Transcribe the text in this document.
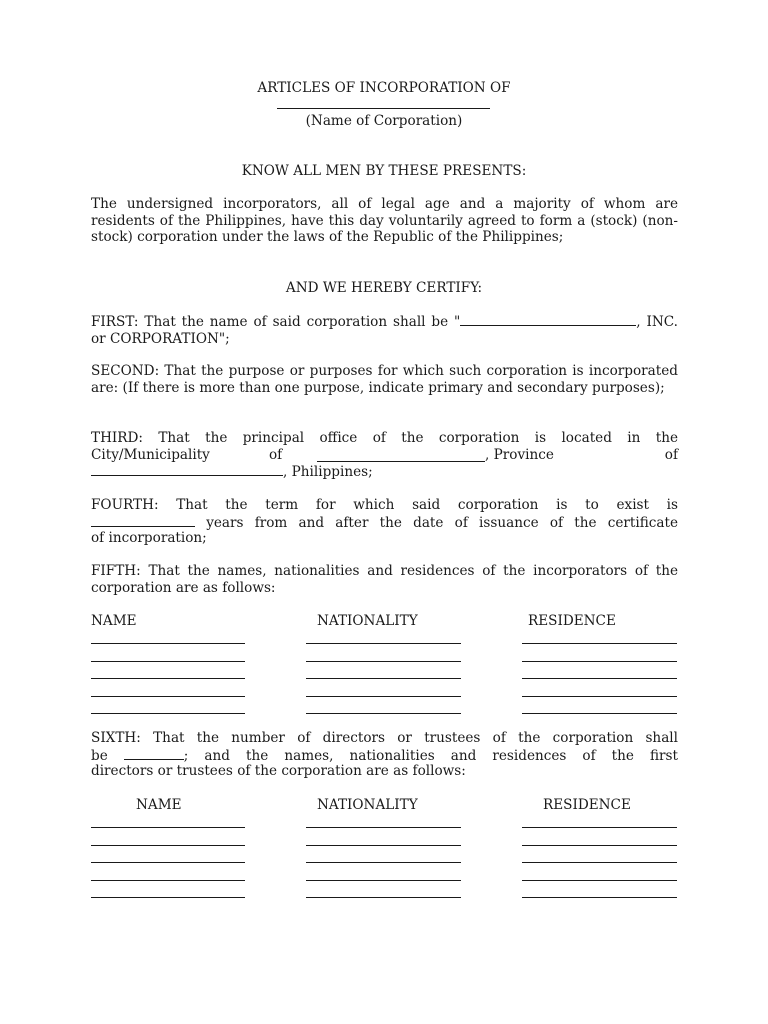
ARTICLES OF INCORPORATION OF
(Name of Corporation)
KNOW ALL MEN BY THESE PRESENTS:
The undersigned incorporators, all of legal age and a majority of whom are residents of the Philippines, have this day voluntarily agreed to form a (stock) (non-stock) corporation under the laws of the Republic of the Philippines;
AND WE HEREBY CERTIFY:
FIRST: That the name of said corporation shall be "	, INC. or CORPORATION";
SECOND: That the purpose or purposes for which such corporation is incorporated are: (If there is more than one purpose, indicate primary and secondary purposes);
THIRD: That the principal office of the corporation is located in the
City/Municipality	of	, Province	of
, Philippines;
FOURTH: That the term for which said corporation is to exist is
years from and after the date of issuance of the certificate
of incorporation;
FIFTH: That the names, nationalities and residences of the incorporators of the corporation are as follows:
NAME	NATIONALITY	RESIDENCE
SIXTH: That the number of directors or trustees of the corporation shall
be	; and the names, nationalities and residences of the first
directors or trustees of the corporation are as follows:
NAME	NATIONALITY	RESIDENCE
